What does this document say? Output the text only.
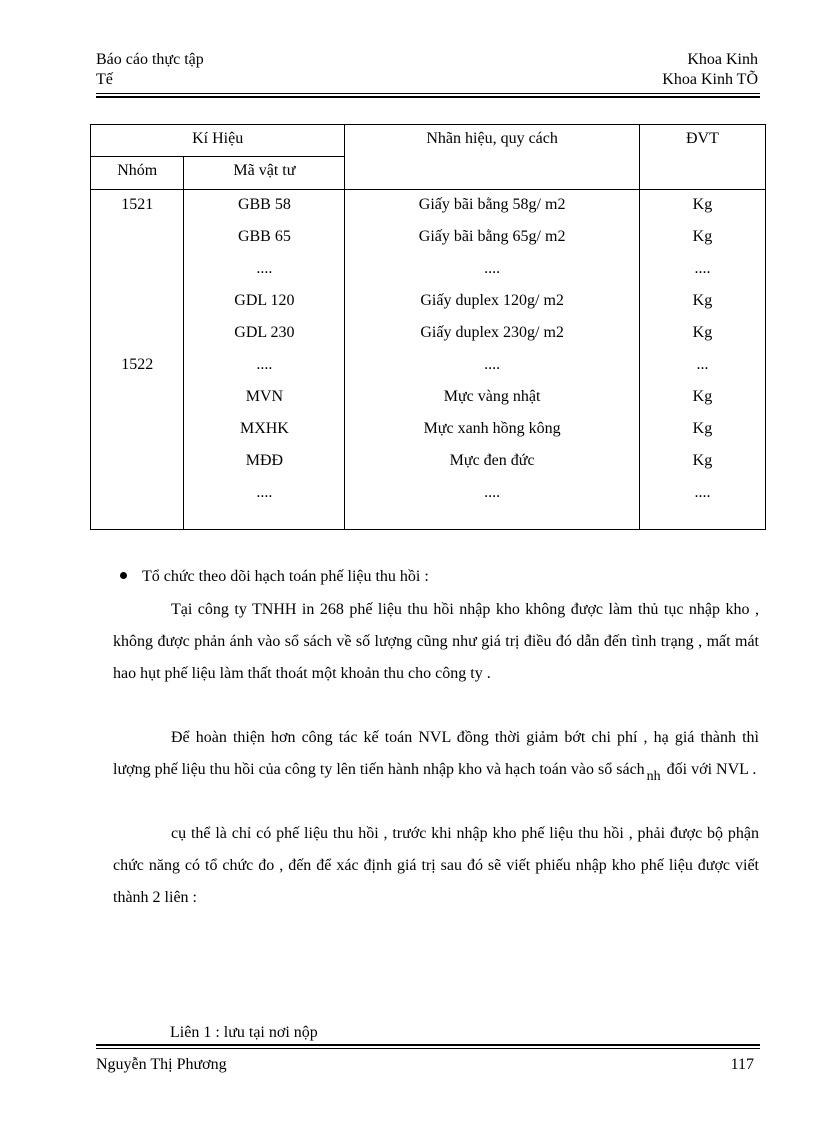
Báo cáo thực tập
Tế
Khoa Kinh
Khoa Kinh TÕ
Kí Hiệu		Nhãn hiệu, quy cách	ĐVT
Nhóm	Mã vật tư		
1521	GBB 58	Giấy bãi bằng 58g/ m2	Kg
	GBB 65	Giấy bãi bằng 65g/ m2	Kg
	....	....	....
	GDL 120	Giấy duplex 120g/ m2	Kg
	GDL 230	Giấy duplex 230g/ m2	Kg
1522	....	....	...
	MVN	Mực vàng nhật	Kg
	MXHK	Mực xanh hồng kông	Kg
	MĐĐ	Mực đen đức	Kg
	....	....	....
Tổ chức theo dõi hạch toán phế liệu thu hồi :
Tại công ty TNHH in 268 phế liệu thu hồi nhập kho không được làm thủ tục nhập kho , không được phản ánh vào sổ sách về số lượng cũng như giá trị điều đó dẫn đến tình trạng , mất mát hao hụt phế liệu làm thất thoát một khoản thu cho công ty .
Để hoàn thiện hơn công tác kế toán NVL đồng thời giảm bớt chi phí , hạ giá thành thì lượng phế liệu thu hồi của công ty lên tiến hành nhập kho và hạch toán vào sổ sách nh đối với NVL .
cụ thể là chỉ có phế liệu thu hồi , trước khi nhập kho phế liệu thu hồi , phải được bộ phận chức năng có tổ chức đo , đến để xác định giá trị sau đó sẽ viết phiếu nhập kho phế liệu được viết thành 2 liên :
Liên 1 : lưu tại nơi nộp
Nguyễn Thị Phương	117
